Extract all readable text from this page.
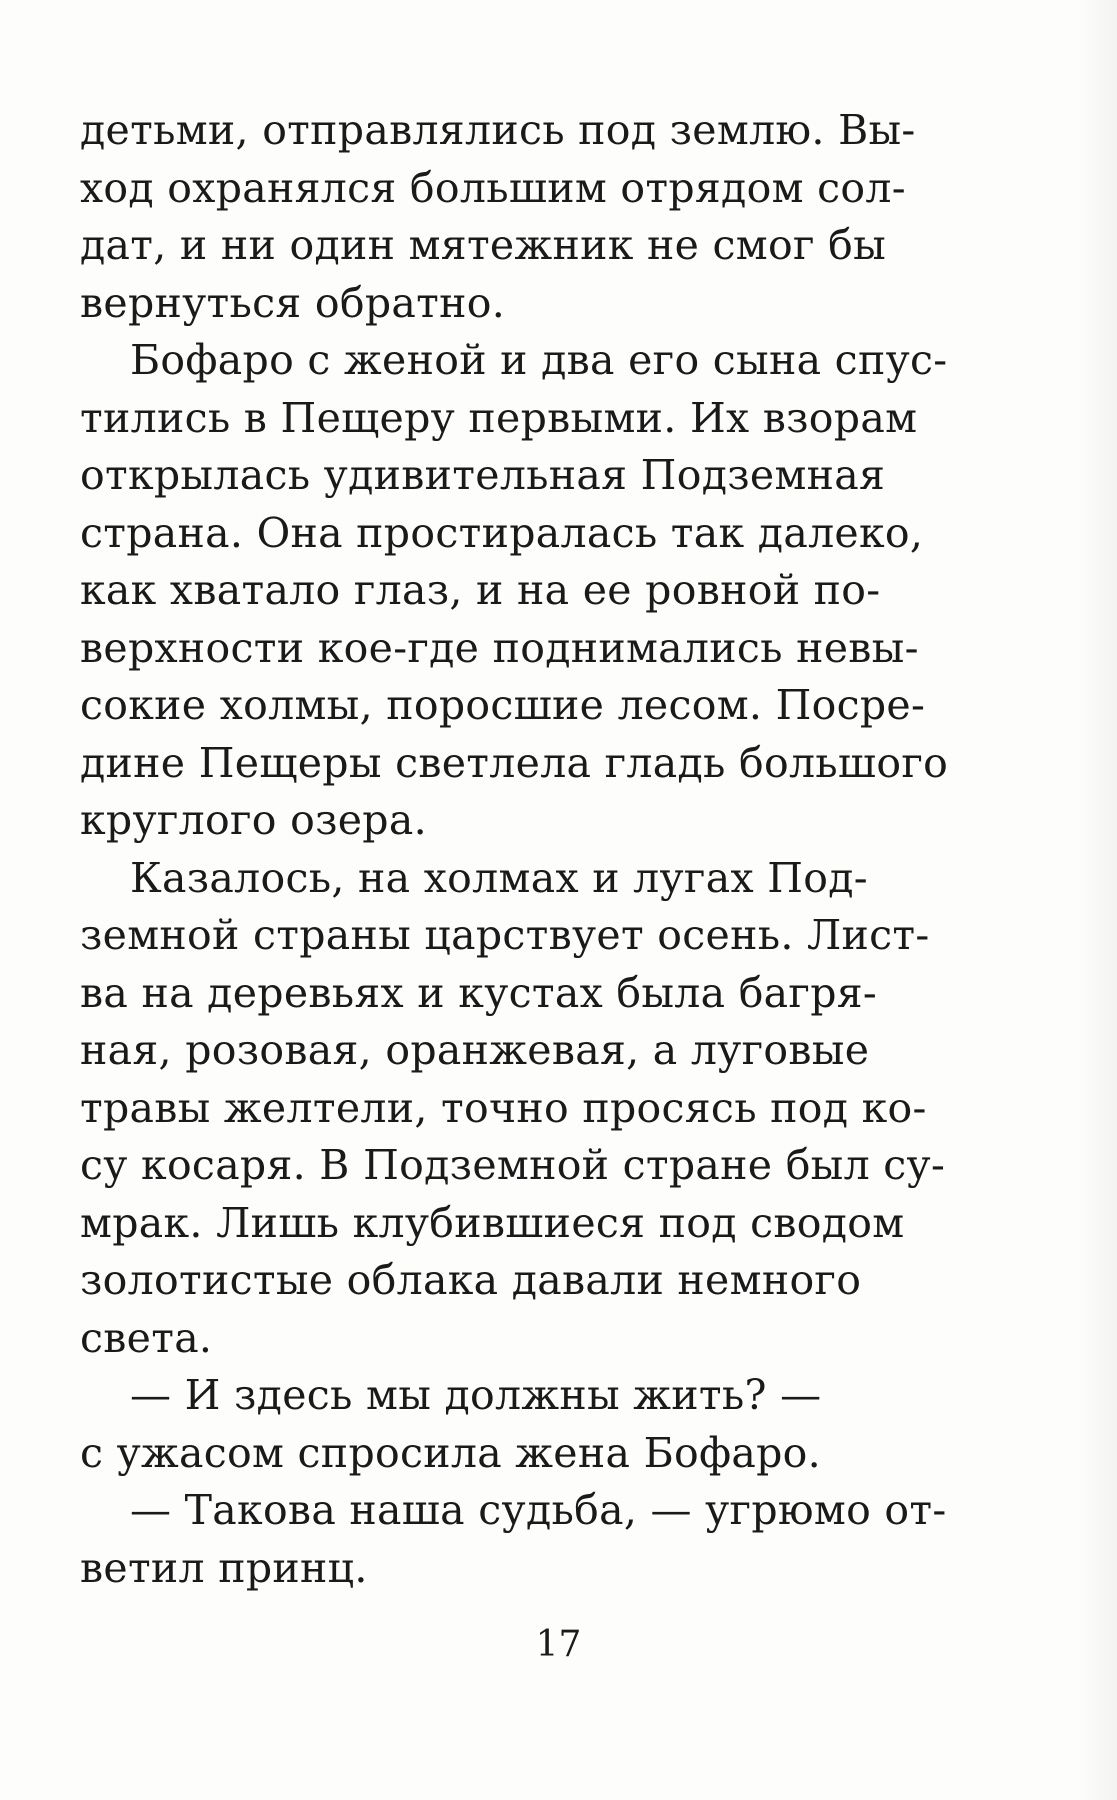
детьми, отправлялись под землю. Вы-
ход охранялся большим отрядом сол-
дат, и ни один мятежник не смог бы
вернуться обратно.
Бофаро с женой и два его сына спус-
тились в Пещеру первыми. Их взорам
открылась удивительная Подземная
страна. Она простиралась так далеко,
как хватало глаз, и на ее ровной по-
верхности кое-где поднимались невы-
сокие холмы, поросшие лесом. Посре-
дине Пещеры светлела гладь большого
круглого озера.
Казалось, на холмах и лугах Под-
земной страны царствует осень. Лист-
ва на деревьях и кустах была багря-
ная, розовая, оранжевая, а луговые
травы желтели, точно просясь под ко-
су косаря. В Подземной стране был су-
мрак. Лишь клубившиеся под сводом
золотистые облака давали немного
света.
— И здесь мы должны жить? —
с ужасом спросила жена Бофаро.
— Такова наша судьба, — угрюмо от-
ветил принц.
17
